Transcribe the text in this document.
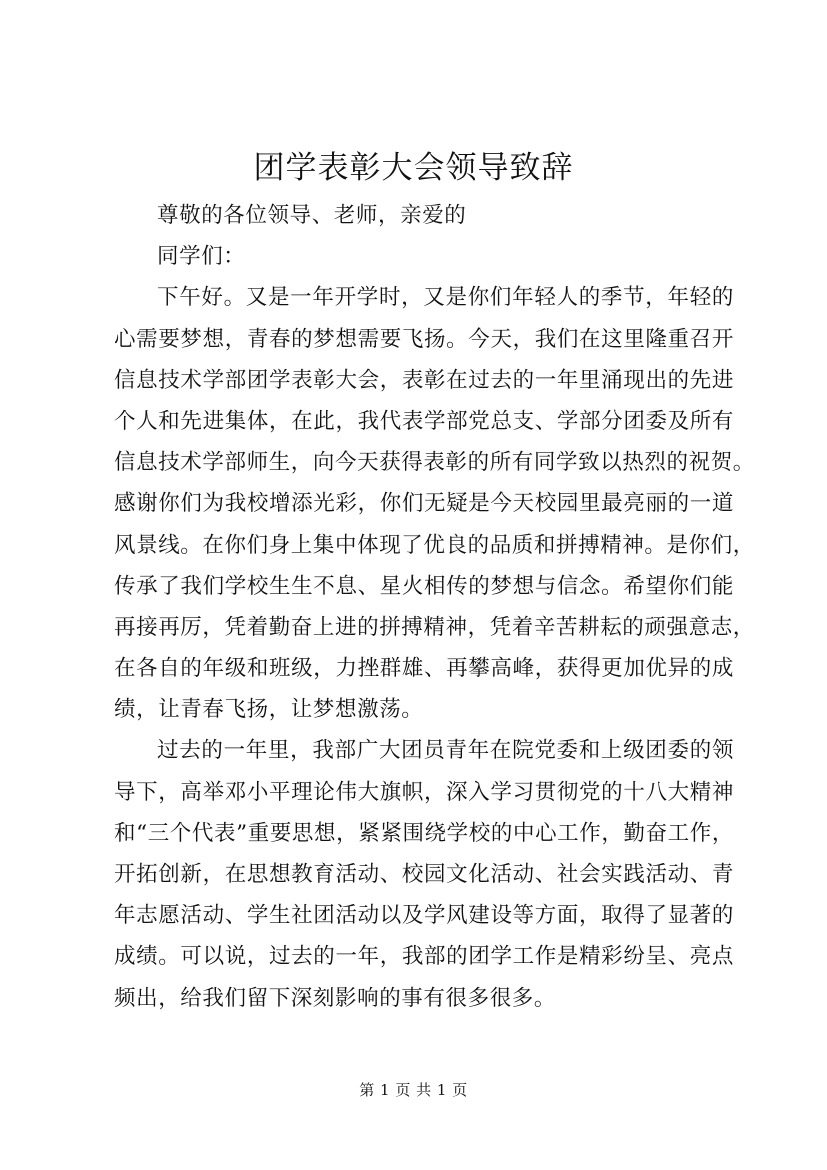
团学表彰大会领导致辞
尊敬的各位领导、老师，亲爱的
同学们：
下午好。又是一年开学时，又是你们年轻人的季节，年轻的
心需要梦想，青春的梦想需要飞扬。今天，我们在这里隆重召开
信息技术学部团学表彰大会，表彰在过去的一年里涌现出的先进
个人和先进集体，在此，我代表学部党总支、学部分团委及所有
信息技术学部师生，向今天获得表彰的所有同学致以热烈的祝贺。
感谢你们为我校增添光彩，你们无疑是今天校园里最亮丽的一道
风景线。在你们身上集中体现了优良的品质和拼搏精神。是你们，
传承了我们学校生生不息、星火相传的梦想与信念。希望你们能
再接再厉，凭着勤奋上进的拼搏精神，凭着辛苦耕耘的顽强意志，
在各自的年级和班级，力挫群雄、再攀高峰，获得更加优异的成
绩，让青春飞扬，让梦想激荡。
过去的一年里，我部广大团员青年在院党委和上级团委的领
导下，高举邓小平理论伟大旗帜，深入学习贯彻党的十八大精神
和“三个代表”重要思想，紧紧围绕学校的中心工作，勤奋工作，
开拓创新，在思想教育活动、校园文化活动、社会实践活动、青
年志愿活动、学生社团活动以及学风建设等方面，取得了显著的
成绩。可以说，过去的一年，我部的团学工作是精彩纷呈、亮点
频出，给我们留下深刻影响的事有很多很多。
第 1 页 共 1 页
